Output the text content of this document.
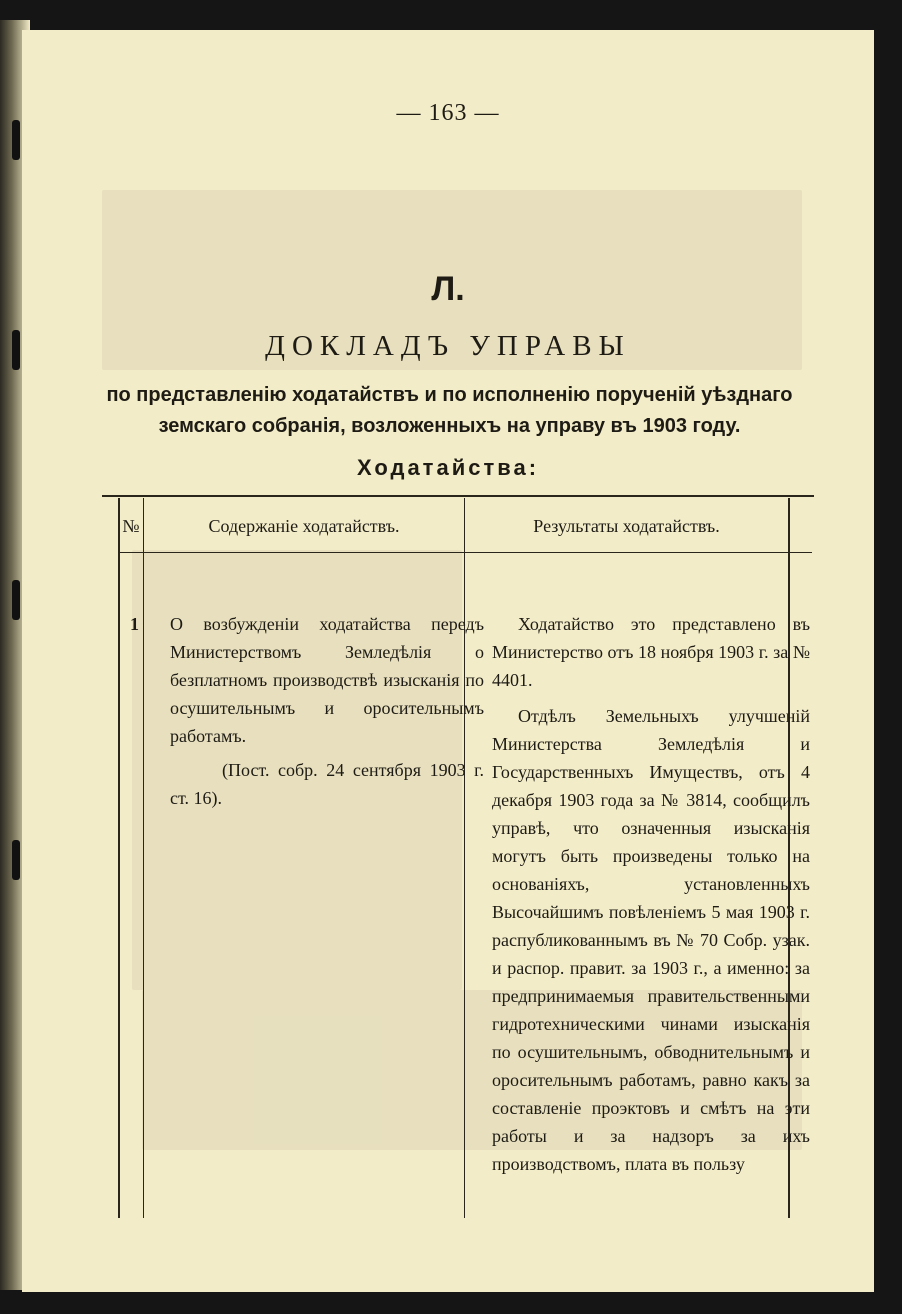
— 163 —
Л.
ДОКЛАДЪ УПРАВЫ
по представленію ходатайствъ и по исполненію порученій уѣзднаго земскаго собранія, возложенныхъ на управу въ 1903 году.
Ходатайства:
№	Содержаніе ходатайствъ.	Результаты ходатайствъ.
1 О возбужденіи ходатайства передъ Министерствомъ Земледѣлія о безплатномъ производствѣ изысканія по осушительнымъ и оросительнымъ работамъ.

(Пост. собр. 24 сентября 1903 г. ст. 16).

Ходатайство это представлено въ Министерство отъ 18 ноября 1903 г. за № 4401.

Отдѣлъ Земельныхъ улучшеній Министерства Земледѣлія и Государственныхъ Имуществъ, отъ 4 декабря 1903 года за № 3814, сообщилъ управѣ, что означенныя изысканія могутъ быть произведены только на основаніяхъ, установленныхъ Высочайшимъ повѣленіемъ 5 мая 1903 г. распубликованнымъ въ № 70 Собр. узак. и распор. правит. за 1903 г., а именно: за предпринимаемыя правительственными гидротехническими чинами изысканія по осушительнымъ, обводнительнымъ и оросительнымъ работамъ, равно какъ за составленіе проэктовъ и смѣтъ на эти работы и за надзоръ за ихъ производствомъ, плата въ пользу
